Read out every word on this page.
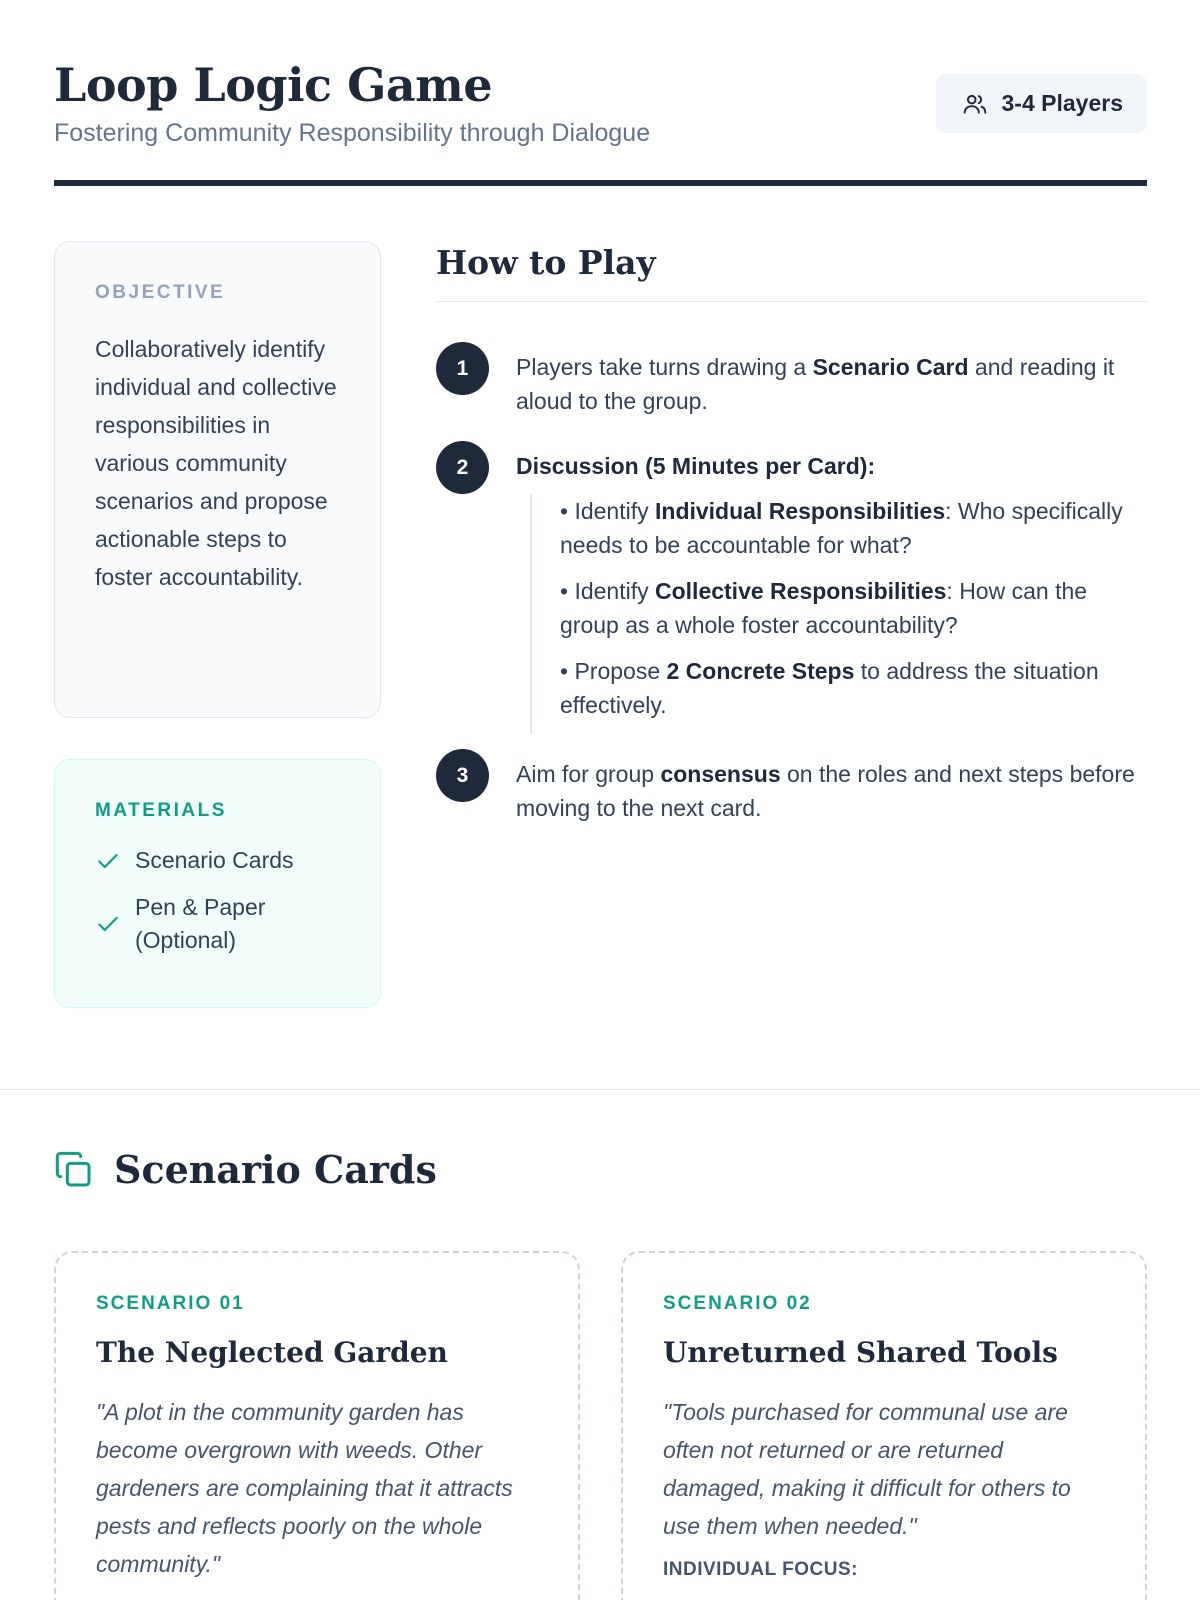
Loop Logic Game

Fostering Community Responsibility through Dialogue

3-4 Players
OBJECTIVE

Collaboratively identify individual and collective responsibilities in various community scenarios and propose actionable steps to foster accountability.

MATERIALS
Scenario Cards
Pen & Paper (Optional)
How to Play
1	Players take turns drawing a Scenario Card and reading it aloud to the group.

2	Discussion (5 Minutes per Card):

• Identify Individual Responsibilities: Who specifically needs to be accountable for what?
• Identify Collective Responsibilities: How can the group as a whole foster accountability?
• Propose 2 Concrete Steps to address the situation effectively.
3	Aim for group consensus on the roles and next steps before moving to the next card.

Scenario Cards
SCENARIO 01
The Neglected Garden

"A plot in the community garden has become overgrown with weeds. Other gardeners are complaining that it attracts pests and reflects poorly on the whole community."

SCENARIO 02
Unreturned Shared Tools

"Tools purchased for communal use are often not returned or are returned damaged, making it difficult for others to use them when needed."

INDIVIDUAL FOCUS:
